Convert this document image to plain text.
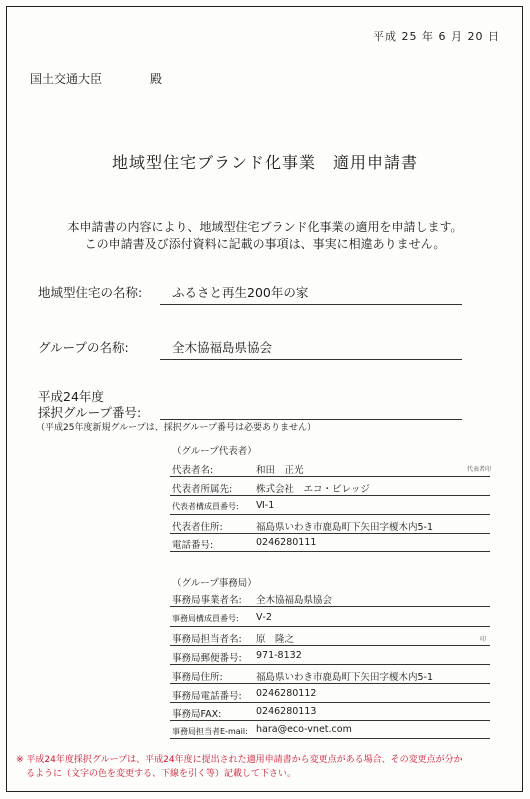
平成 25 年 6 月 20 日
国土交通大臣	殿
地域型住宅ブランド化事業　適用申請書
本申請書の内容により、地域型住宅ブランド化事業の適用を申請します。
この申請書及び添付資料に記載の事項は、事実に相違ありません。
地域型住宅の名称: ふるさと再生200年の家
グループの名称:	全木協福島県協会
平成24年度
採択グループ番号:
（平成25年度新規グループは、採択グループ番号は必要ありません）
（グループ代表者）
代表者印
代表者名:	和田　正光
代表者所属先:	株式会社　エコ・ビレッジ
代表者構成員番号: Ⅵ-1
代表者住所:	福島県いわき市鹿島町下矢田字榎木内5-1
電話番号:	0246280111
（グループ事務局）
印
事務局事業者名: 全木協福島県協会
事務局構成員番号: Ⅴ-2
事務局担当者名: 原　隆之
事務局郵便番号: 971-8132
事務局住所:	福島県いわき市鹿島町下矢田字榎木内5-1
事務局電話番号: 0246280112
事務局FAX:	0246280113
事務局担当者E-mail: hara@eco-vnet.com
※ 平成24年度採択グループは、平成24年度に提出された適用申請書から変更点がある場合、その変更点が分か
るように（文字の色を変更する、下線を引く等）記載して下さい。
